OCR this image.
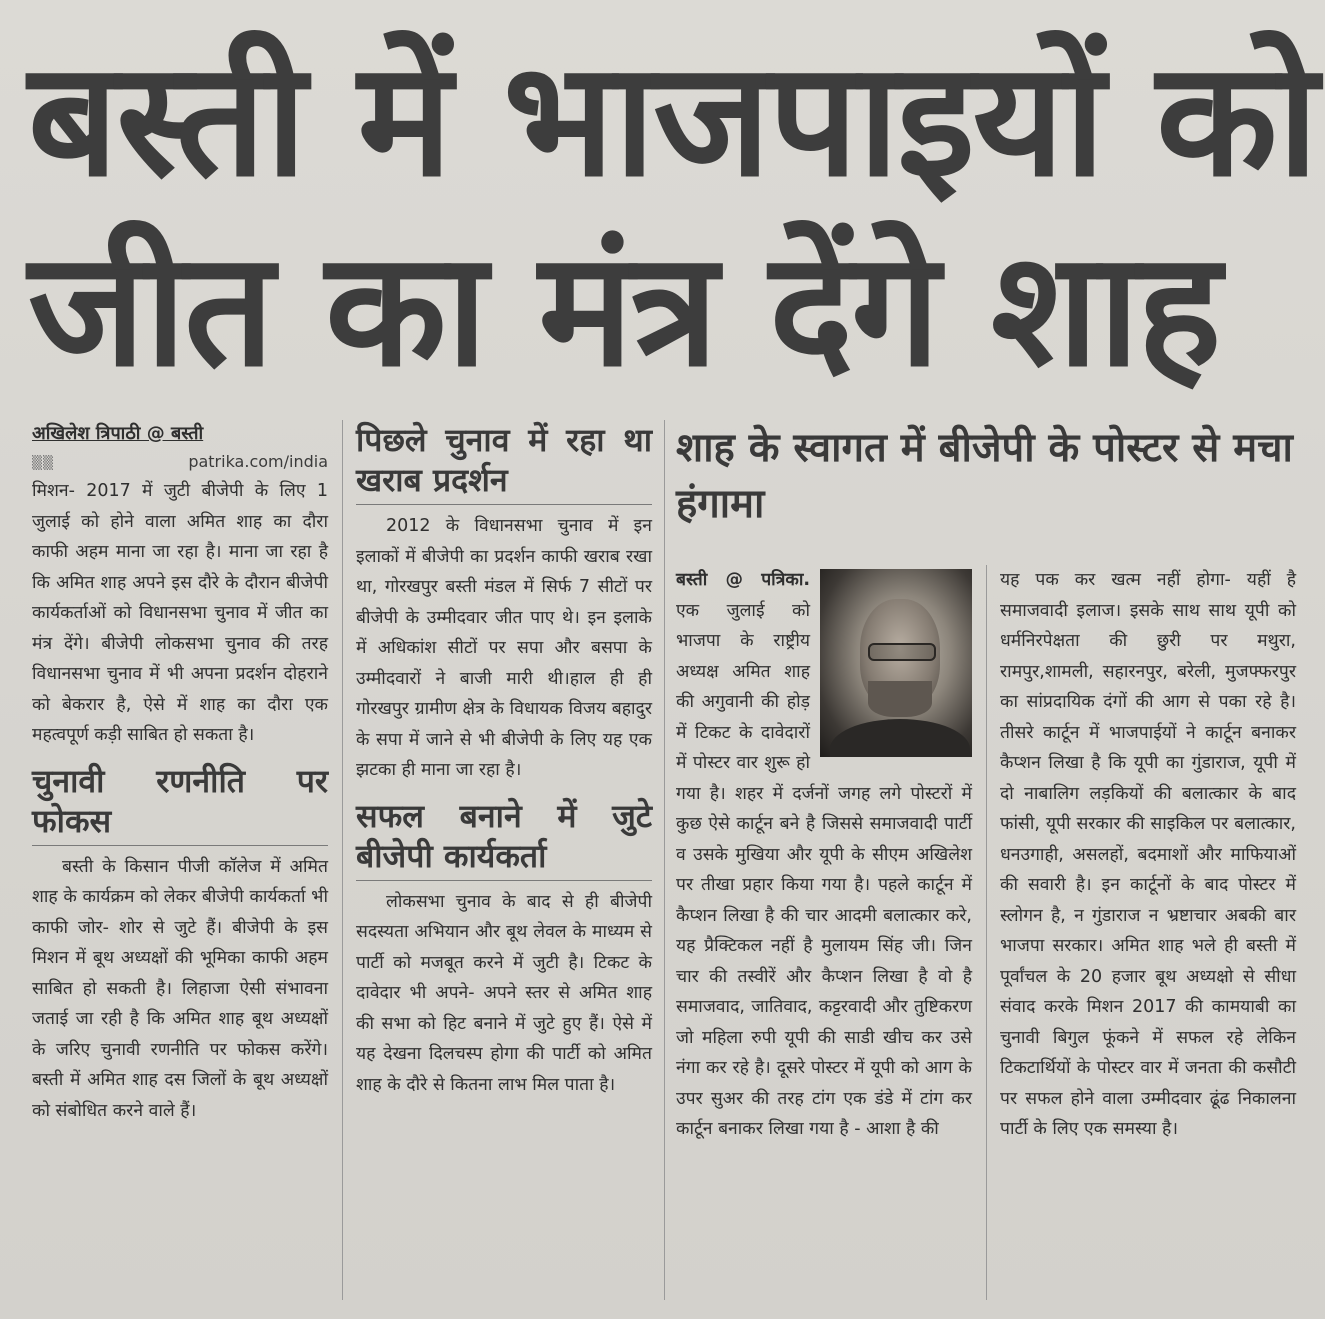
बस्ती में भाजपाइयों को
जीत का मंत्र देंगे शाह
अखिलेश त्रिपाठी @ बस्ती
▒▒	patrika.com/india

मिशन- 2017 में जुटी बीजेपी के लिए 1 जुलाई को होने वाला अमित शाह का दौरा काफी अहम माना जा रहा है। माना जा रहा है कि अमित शाह अपने इस दौरे के दौरान बीजेपी कार्यकर्ताओं को विधानसभा चुनाव में जीत का मंत्र देंगे। बीजेपी लोकसभा चुनाव की तरह विधानसभा चुनाव में भी अपना प्रदर्शन दोहराने को बेकरार है, ऐसे में शाह का दौरा एक महत्वपूर्ण कड़ी साबित हो सकता है।

चुनावी रणनीति पर फोकस

बस्ती के किसान पीजी कॉलेज में अमित शाह के कार्यक्रम को लेकर बीजेपी कार्यकर्ता भी काफी जोर- शोर से जुटे हैं। बीजेपी के इस मिशन में बूथ अध्यक्षों की भूमिका काफी अहम साबित हो सकती है। लिहाजा ऐसी संभावना जताई जा रही है कि अमित शाह बूथ अध्यक्षों के जरिए चुनावी रणनीति पर फोकस करेंगे। बस्ती में अमित शाह दस जिलों के बूथ अध्यक्षों को संबोधित करने वाले हैं।

पिछले चुनाव में रहा था खराब प्रदर्शन

2012 के विधानसभा चुनाव में इन इलाकों में बीजेपी का प्रदर्शन काफी खराब रखा था, गोरखपुर बस्ती मंडल में सिर्फ 7 सीटों पर बीजेपी के उम्मीदवार जीत पाए थे। इन इलाके में अधिकांश सीटों पर सपा और बसपा के उम्मीदवारों ने बाजी मारी थी।हाल ही ही गोरखपुर ग्रामीण क्षेत्र के विधायक विजय बहादुर के सपा में जाने से भी बीजेपी के लिए यह एक झटका ही माना जा रहा है।

सफल बनाने में जुटे बीजेपी कार्यकर्ता

लोकसभा चुनाव के बाद से ही बीजेपी सदस्यता अभियान और बूथ लेवल के माध्यम से पार्टी को मजबूत करने में जुटी है। टिकट के दावेदार भी अपने- अपने स्तर से अमित शाह की सभा को हिट बनाने में जुटे हुए हैं। ऐसे में यह देखना दिलचस्प होगा की पार्टी को अमित शाह के दौरे से कितना लाभ मिल पाता है।

शाह के स्वागत में बीजेपी के पोस्टर से मचा हंगामा

बस्ती @ पत्रिका. एक जुलाई को भाजपा के राष्ट्रीय अध्यक्ष अमित शाह की अगुवानी की होड़ में टिकट के दावेदारों में पोस्टर वार शुरू हो गया है। शहर में दर्जनों जगह लगे पोस्टरों में कुछ ऐसे कार्टून बने है जिससे समाजवादी पार्टी व उसके मुखिया और यूपी के सीएम अखिलेश पर तीखा प्रहार किया गया है। पहले कार्टून में कैप्शन लिखा है की चार आदमी बलात्कार करे, यह प्रैक्टिकल नहीं है मुलायम सिंह जी। जिन चार की तस्वीरें और कैप्शन लिखा है वो है समाजवाद, जातिवाद, कट्टरवादी और तुष्टिकरण जो महिला रुपी यूपी की साडी खीच कर उसे नंगा कर रहे है। दूसरे पोस्टर में यूपी को आग के उपर सुअर की तरह टांग एक डंडे में टांग कर कार्टून बनाकर लिखा गया है - आशा है की

यह पक कर खत्म नहीं होगा- यहीं है समाजवादी इलाज। इसके साथ साथ यूपी को धर्मनिरपेक्षता की छुरी पर मथुरा, रामपुर,शामली, सहारनपुर, बरेली, मुजफ्फरपुर का सांप्रदायिक दंगों की आग से पका रहे है। तीसरे कार्टून में भाजपाईयों ने कार्टून बनाकर कैप्शन लिखा है कि यूपी का गुंडाराज, यूपी में दो नाबालिग लड़कियों की बलात्कार के बाद फांसी, यूपी सरकार की साइकिल पर बलात्कार, धनउगाही, असलहों, बदमाशों और माफियाओं की सवारी है। इन कार्टूनों के बाद पोस्टर में स्लोगन है, न गुंडाराज न भ्रष्टाचार अबकी बार भाजपा सरकार। अमित शाह भले ही बस्ती में पूर्वांचल के 20 हजार बूथ अध्यक्षो से सीधा संवाद करके मिशन 2017 की कामयाबी का चुनावी बिगुल फूंकने में सफल रहे लेकिन टिकटार्थियों के पोस्टर वार में जनता की कसौटी पर सफल होने वाला उम्मीदवार ढूंढ निकालना पार्टी के लिए एक समस्या है।
